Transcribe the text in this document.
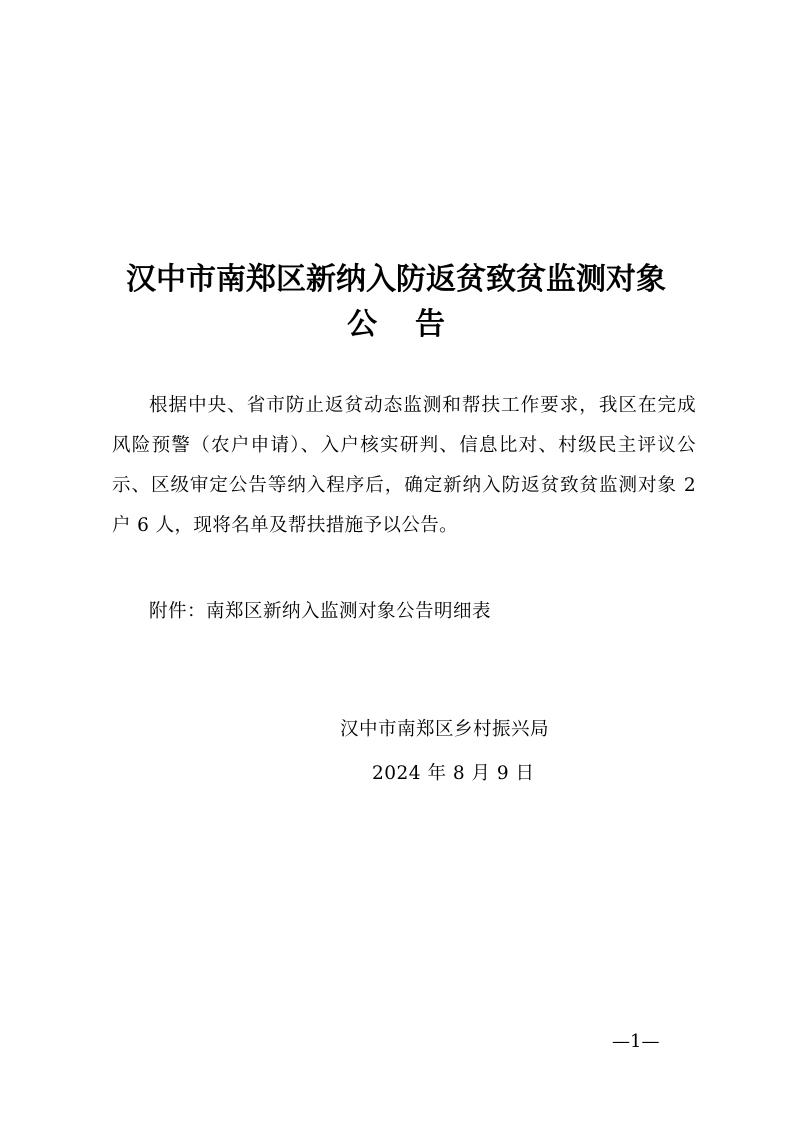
汉中市南郑区新纳入防返贫致贫监测对象
公告
根据中央、省市防止返贫动态监测和帮扶工作要求，我区在完成风险预警（农户申请）、入户核实研判、信息比对、村级民主评议公示、区级审定公告等纳入程序后，确定新纳入防返贫致贫监测对象 2 户 6 人，现将名单及帮扶措施予以公告。
附件：南郑区新纳入监测对象公告明细表
汉中市南郑区乡村振兴局
2024 年 8 月 9 日
—1—
